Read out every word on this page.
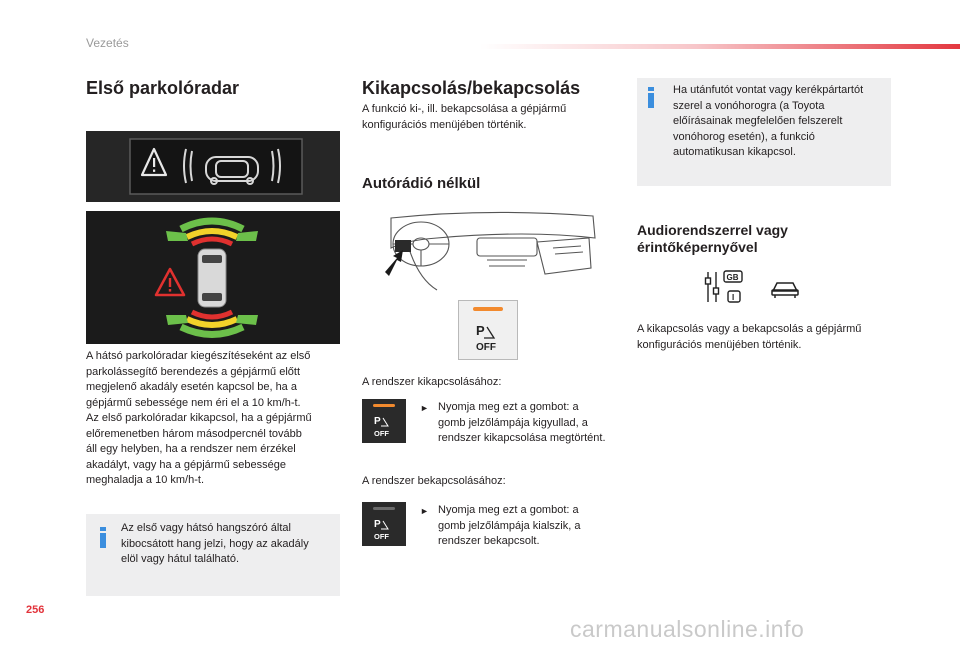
Vezetés
Első parkolóradar
A hátsó parkolóradar kiegészítéseként az első
parkolássegítő berendezés a gépjármű előtt
megjelenő akadály esetén kapcsol be, ha a
gépjármű sebessége nem éri el a 10 km/h-t.
Az első parkolóradar kikapcsol, ha a gépjármű
előremenetben három másodpercnél tovább
áll egy helyben, ha a rendszer nem érzékel
akadályt, vagy ha a gépjármű sebessége
meghaladja a 10 km/h-t.
Az első vagy hátsó hangszóró által
kibocsátott hang jelzi, hogy az akadály
elöl vagy hátul található.
Kikapcsolás/bekapcsolás
A funkció ki-, ill. bekapcsolása a gépjármű
konfigurációs menüjében történik.
Autórádió nélkül
P
OFF
A rendszer kikapcsolásához:
P
OFF
► Nyomja meg ezt a gombot: a
gomb jelzőlámpája kigyullad, a
rendszer kikapcsolása megtörtént.
A rendszer bekapcsolásához:
P
OFF
► Nyomja meg ezt a gombot: a
gomb jelzőlámpája kialszik, a
rendszer bekapcsolt.
Ha utánfutót vontat vagy kerékpártartót
szerel a vonóhorogra (a Toyota
előírásainak megfelelően felszerelt
vonóhorog esetén), a funkció
automatikusan kikapcsol.
Audiorendszerrel vagy
érintőképernyővel
GB
I
A kikapcsolás vagy a bekapcsolás a gépjármű
konfigurációs menüjében történik.
256
carmanualsonline.info
